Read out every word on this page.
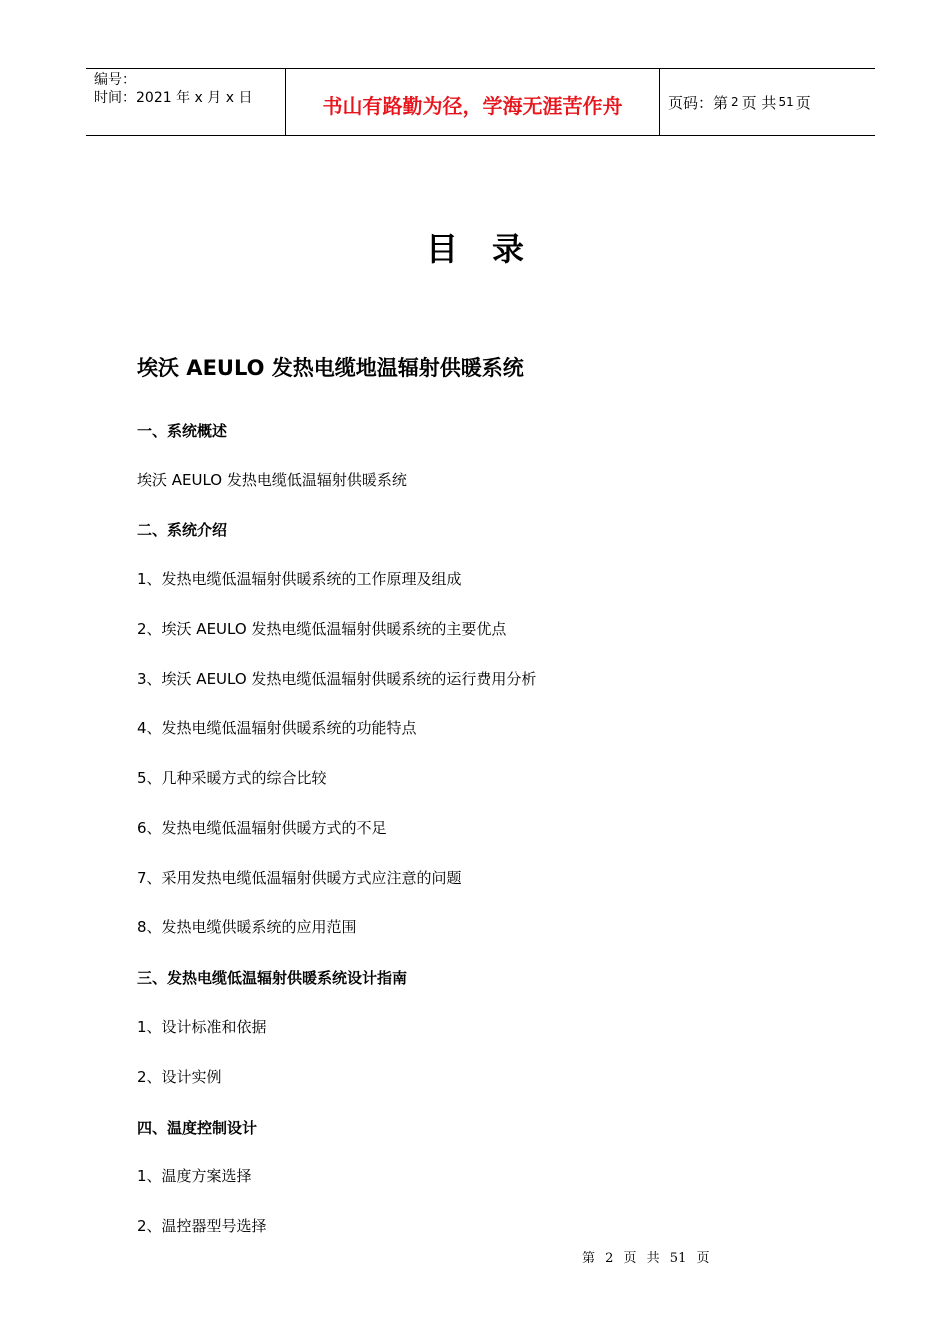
编号：
时间：2021 年 x 月 x 日	书山有路勤为径，学海无涯苦作舟	页码：第 2 页 共 51 页
目录
埃沃 AEULO 发热电缆地温辐射供暖系统
一、系统概述
埃沃 AEULO 发热电缆低温辐射供暖系统
二、系统介绍
1、发热电缆低温辐射供暖系统的工作原理及组成
2、埃沃 AEULO 发热电缆低温辐射供暖系统的主要优点
3、埃沃 AEULO 发热电缆低温辐射供暖系统的运行费用分析
4、发热电缆低温辐射供暖系统的功能特点
5、几种采暖方式的综合比较
6、发热电缆低温辐射供暖方式的不足
7、采用发热电缆低温辐射供暖方式应注意的问题
8、发热电缆供暖系统的应用范围
三、发热电缆低温辐射供暖系统设计指南
1、设计标准和依据
2、设计实例
四、温度控制设计
1、温度方案选择
2、温控器型号选择
第 2 页 共 51 页
